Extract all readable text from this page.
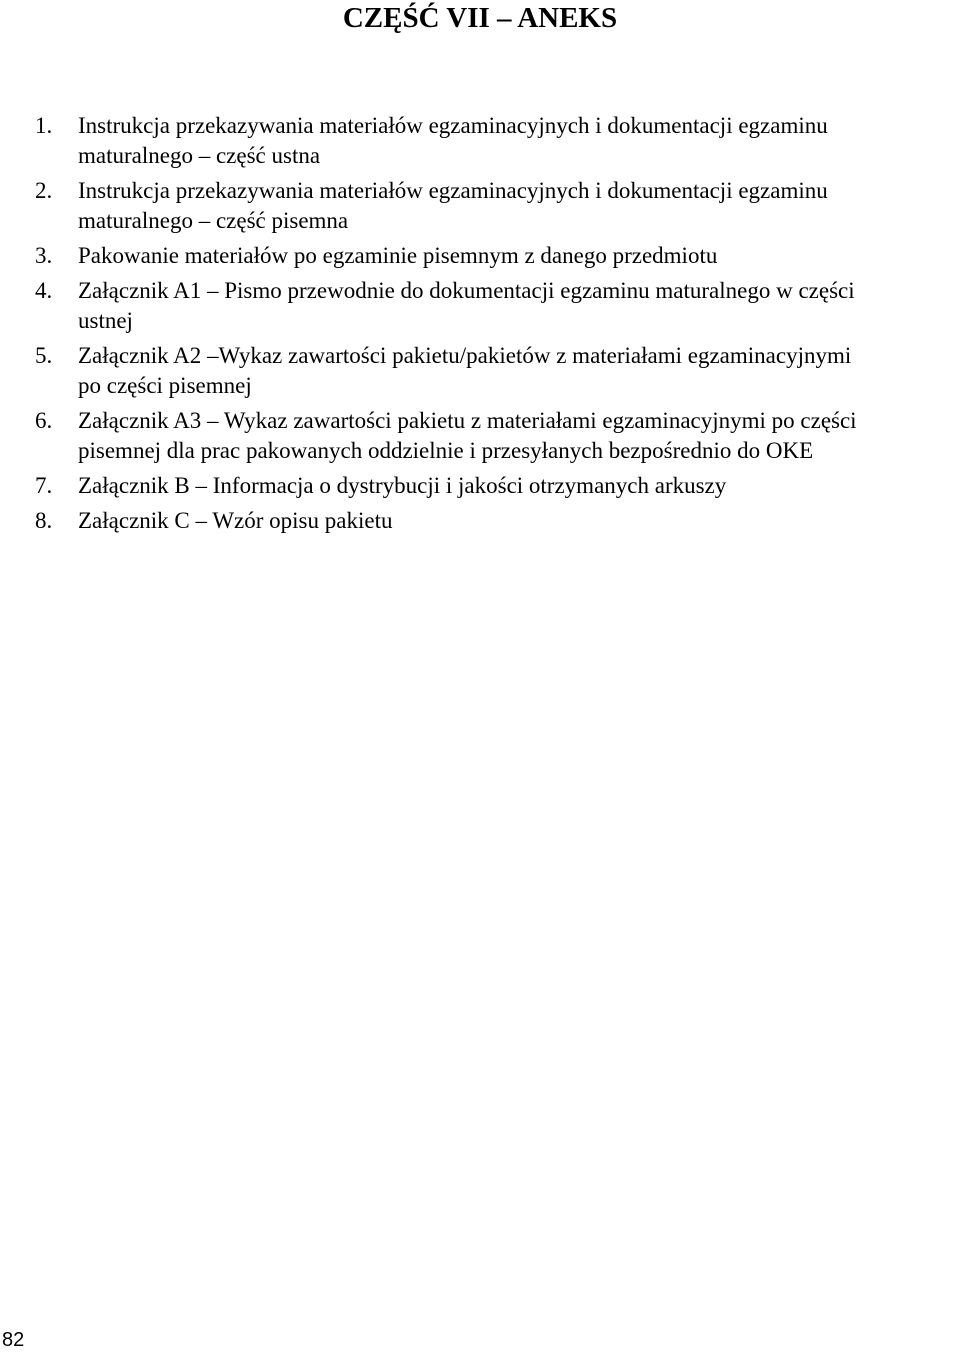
CZĘŚĆ VII – ANEKS
1. Instrukcja przekazywania materiałów egzaminacyjnych i dokumentacji egzaminu
maturalnego – część ustna
2. Instrukcja przekazywania materiałów egzaminacyjnych i dokumentacji egzaminu
maturalnego – część pisemna
3. Pakowanie materiałów po egzaminie pisemnym z danego przedmiotu
4. Załącznik A1 – Pismo przewodnie do dokumentacji egzaminu maturalnego w części
ustnej
5. Załącznik A2 –Wykaz zawartości pakietu/pakietów z materiałami egzaminacyjnymi
po części pisemnej
6. Załącznik A3 – Wykaz zawartości pakietu z materiałami egzaminacyjnymi po części
pisemnej dla prac pakowanych oddzielnie i przesyłanych bezpośrednio do OKE
7. Załącznik B – Informacja o dystrybucji i jakości otrzymanych arkuszy
8. Załącznik C – Wzór opisu pakietu
82
